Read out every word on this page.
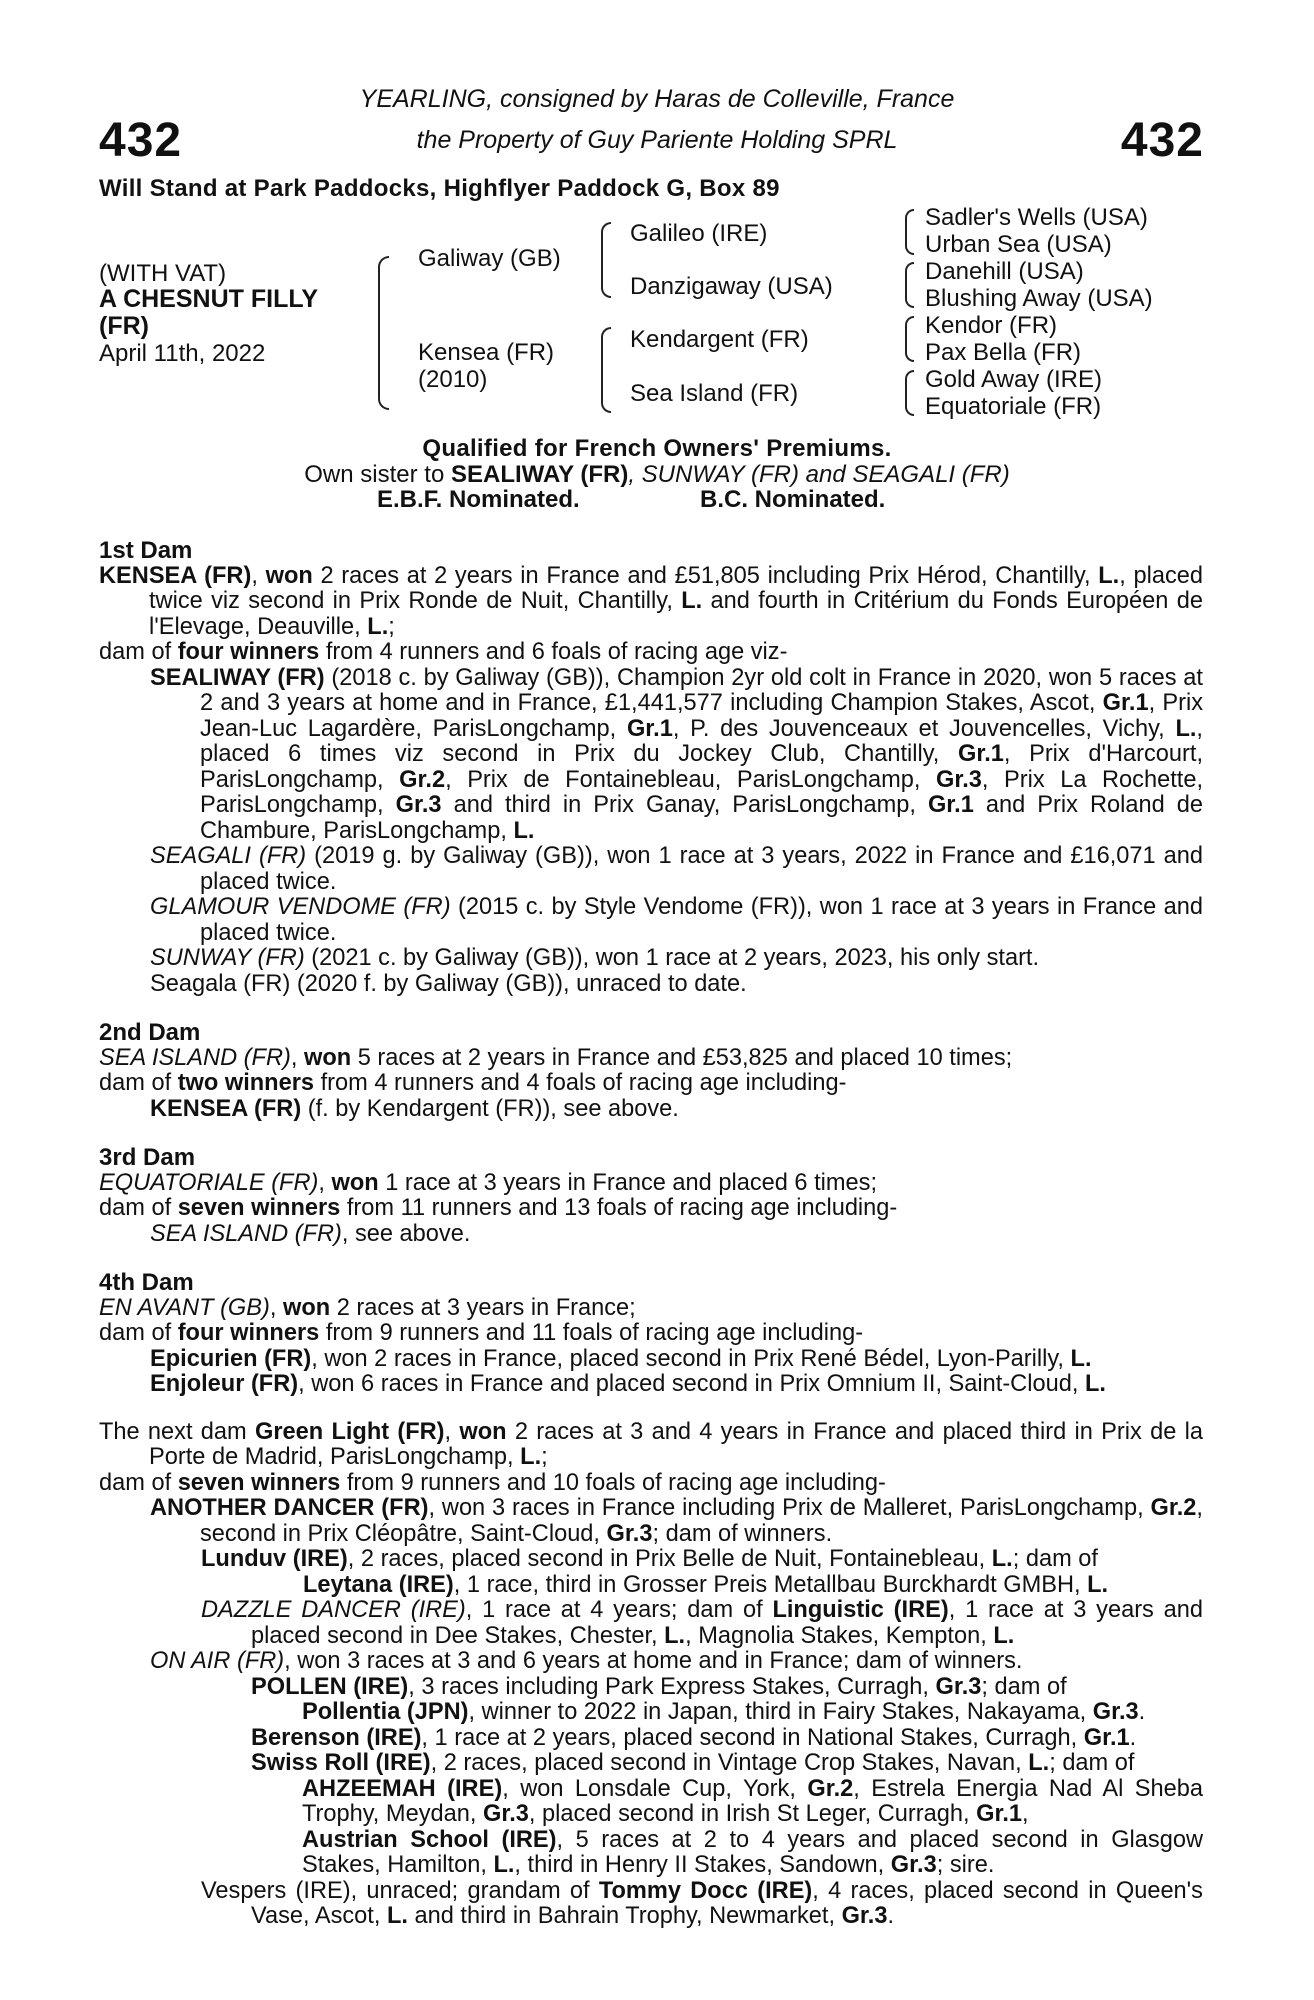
432	432
YEARLING, consigned by Haras de Colleville, France
the Property of Guy Pariente Holding SPRL
Will Stand at Park Paddocks, Highflyer Paddock G, Box 89
(WITH VAT)
A CHESNUT FILLY
(FR)
April 11th, 2022
Galiway (GB)
Kensea (FR)
(2010)
Galileo (IRE)
Danzigaway (USA)
Kendargent (FR)
Sea Island (FR)
Sadler's Wells (USA)
Urban Sea (USA)
Danehill (USA)
Blushing Away (USA)
Kendor (FR)
Pax Bella (FR)
Gold Away (IRE)
Equatoriale (FR)
Qualified for French Owners' Premiums.
Own sister to SEALIWAY (FR), SUNWAY (FR) and SEAGALI (FR)
E.B.F. Nominated.	B.C. Nominated.

1st Dam

KENSEA (FR), won 2 races at 2 years in France and £51,805 including Prix Hérod, Chantilly, L., placed twice viz second in Prix Ronde de Nuit, Chantilly, L. and fourth in Critérium du Fonds Européen de l'Elevage, Deauville, L.;

dam of four winners from 4 runners and 6 foals of racing age viz-

SEALIWAY (FR) (2018 c. by Galiway (GB)), Champion 2yr old colt in France in 2020, won 5 races at 2 and 3 years at home and in France, £1,441,577 including Champion Stakes, Ascot, Gr.1, Prix Jean-Luc Lagardère, ParisLongchamp, Gr.1, P. des Jouvenceaux et Jouvencelles, Vichy, L., placed 6 times viz second in Prix du Jockey Club, Chantilly, Gr.1, Prix d'Harcourt, ParisLongchamp, Gr.2, Prix de Fontainebleau, ParisLongchamp, Gr.3, Prix La Rochette, ParisLongchamp, Gr.3 and third in Prix Ganay, ParisLongchamp, Gr.1 and Prix Roland de Chambure, ParisLongchamp, L.

SEAGALI (FR) (2019 g. by Galiway (GB)), won 1 race at 3 years, 2022 in France and £16,071 and placed twice.

GLAMOUR VENDOME (FR) (2015 c. by Style Vendome (FR)), won 1 race at 3 years in France and placed twice.

SUNWAY (FR) (2021 c. by Galiway (GB)), won 1 race at 2 years, 2023, his only start.

Seagala (FR) (2020 f. by Galiway (GB)), unraced to date.

2nd Dam

SEA ISLAND (FR), won 5 races at 2 years in France and £53,825 and placed 10 times;

dam of two winners from 4 runners and 4 foals of racing age including-

KENSEA (FR) (f. by Kendargent (FR)), see above.

3rd Dam

EQUATORIALE (FR), won 1 race at 3 years in France and placed 6 times;

dam of seven winners from 11 runners and 13 foals of racing age including-

SEA ISLAND (FR), see above.

4th Dam

EN AVANT (GB), won 2 races at 3 years in France;

dam of four winners from 9 runners and 11 foals of racing age including-

Epicurien (FR), won 2 races in France, placed second in Prix René Bédel, Lyon-Parilly, L.

Enjoleur (FR), won 6 races in France and placed second in Prix Omnium II, Saint-Cloud, L.

The next dam Green Light (FR), won 2 races at 3 and 4 years in France and placed third in Prix de la Porte de Madrid, ParisLongchamp, L.;

dam of seven winners from 9 runners and 10 foals of racing age including-

ANOTHER DANCER (FR), won 3 races in France including Prix de Malleret, ParisLongchamp, Gr.2, second in Prix Cléopâtre, Saint-Cloud, Gr.3; dam of winners.

Lunduv (IRE), 2 races, placed second in Prix Belle de Nuit, Fontainebleau, L.; dam of

Leytana (IRE), 1 race, third in Grosser Preis Metallbau Burckhardt GMBH, L.

DAZZLE DANCER (IRE), 1 race at 4 years; dam of Linguistic (IRE), 1 race at 3 years and placed second in Dee Stakes, Chester, L., Magnolia Stakes, Kempton, L.

ON AIR (FR), won 3 races at 3 and 6 years at home and in France; dam of winners.

POLLEN (IRE), 3 races including Park Express Stakes, Curragh, Gr.3; dam of

Pollentia (JPN), winner to 2022 in Japan, third in Fairy Stakes, Nakayama, Gr.3.

Berenson (IRE), 1 race at 2 years, placed second in National Stakes, Curragh, Gr.1.

Swiss Roll (IRE), 2 races, placed second in Vintage Crop Stakes, Navan, L.; dam of

AHZEEMAH (IRE), won Lonsdale Cup, York, Gr.2, Estrela Energia Nad Al Sheba Trophy, Meydan, Gr.3, placed second in Irish St Leger, Curragh, Gr.1,

Austrian School (IRE), 5 races at 2 to 4 years and placed second in Glasgow Stakes, Hamilton, L., third in Henry II Stakes, Sandown, Gr.3; sire.

Vespers (IRE), unraced; grandam of Tommy Docc (IRE), 4 races, placed second in Queen's Vase, Ascot, L. and third in Bahrain Trophy, Newmarket, Gr.3.
